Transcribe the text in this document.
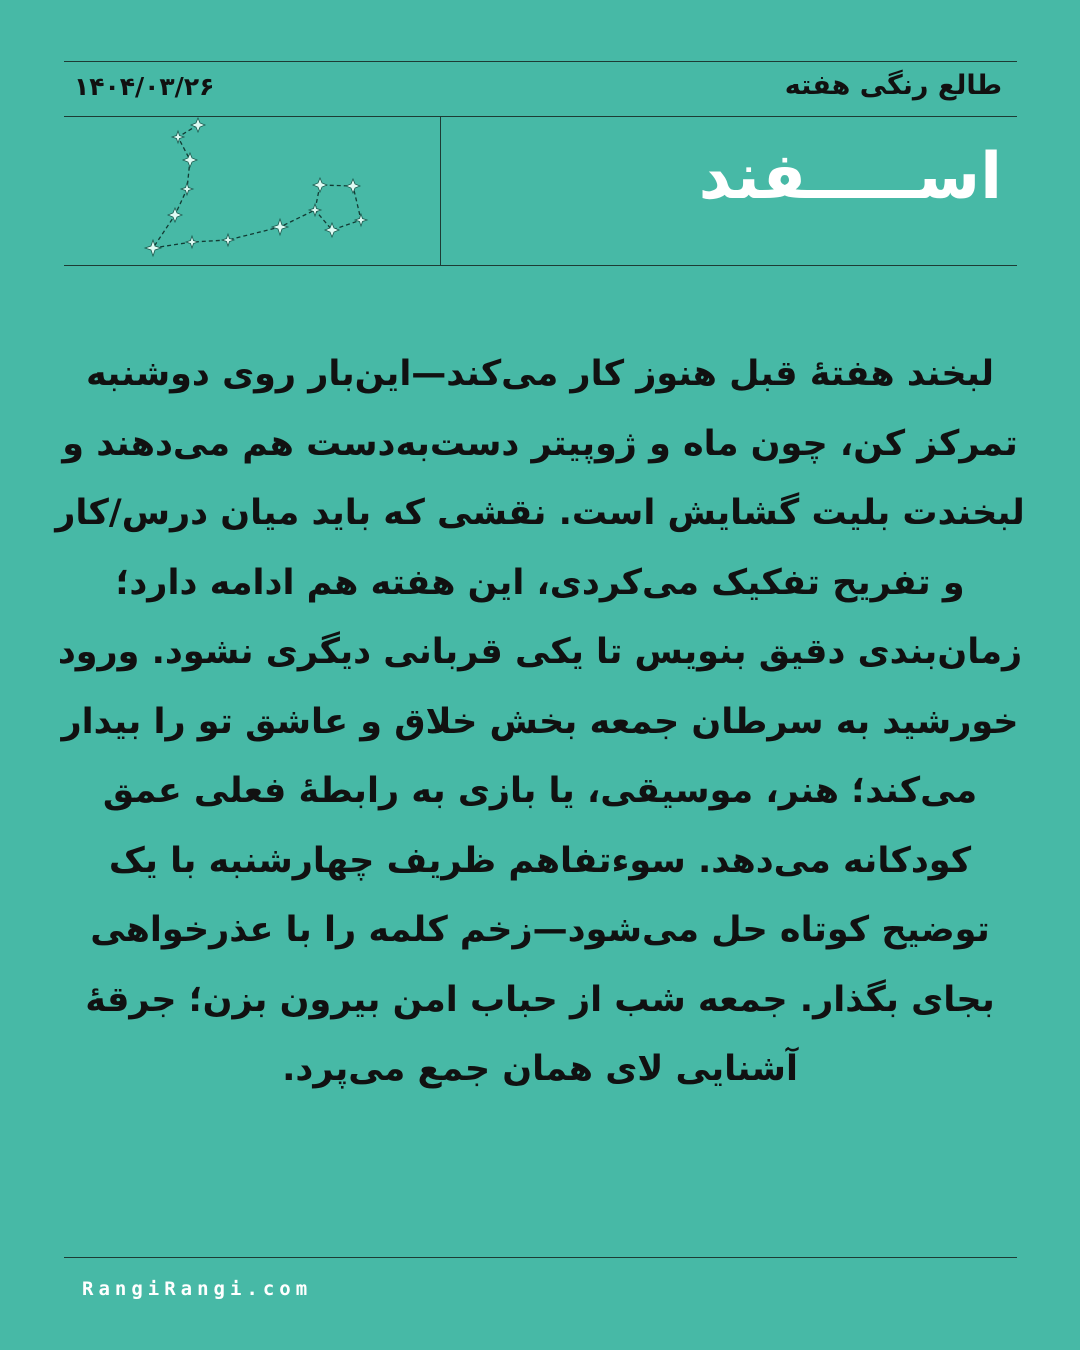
طالع رنگی هفته
۱۴۰۴/۰۳/۲۶
اســـــفند

لبخند هفتهٔ قبل هنوز کار می‌کند—این‌بار روی دوشنبه تمرکز کن، چون ماه و ژوپیتر دست‌به‌دست هم می‌دهند و لبخندت بلیت گشایش است. نقشی که باید میان درس/کار و تفریح تفکیک می‌کردی، این هفته هم ادامه دارد؛ زمان‌بندی دقیق بنویس تا یکی قربانی دیگری نشود. ورود خورشید به سرطان جمعه بخش خلاق و عاشق تو را بیدار می‌کند؛ هنر، موسیقی، یا بازی به رابطهٔ فعلی عمق کودکانه می‌دهد. سوءتفاهم ظریف چهارشنبه با یک توضیح کوتاه حل می‌شود—زخم کلمه را با عذرخواهی بجای بگذار. جمعه شب از حباب امن بیرون بزن؛ جرقهٔ آشنایی لای همان جمع می‌پرد.

RangiRangi.com
